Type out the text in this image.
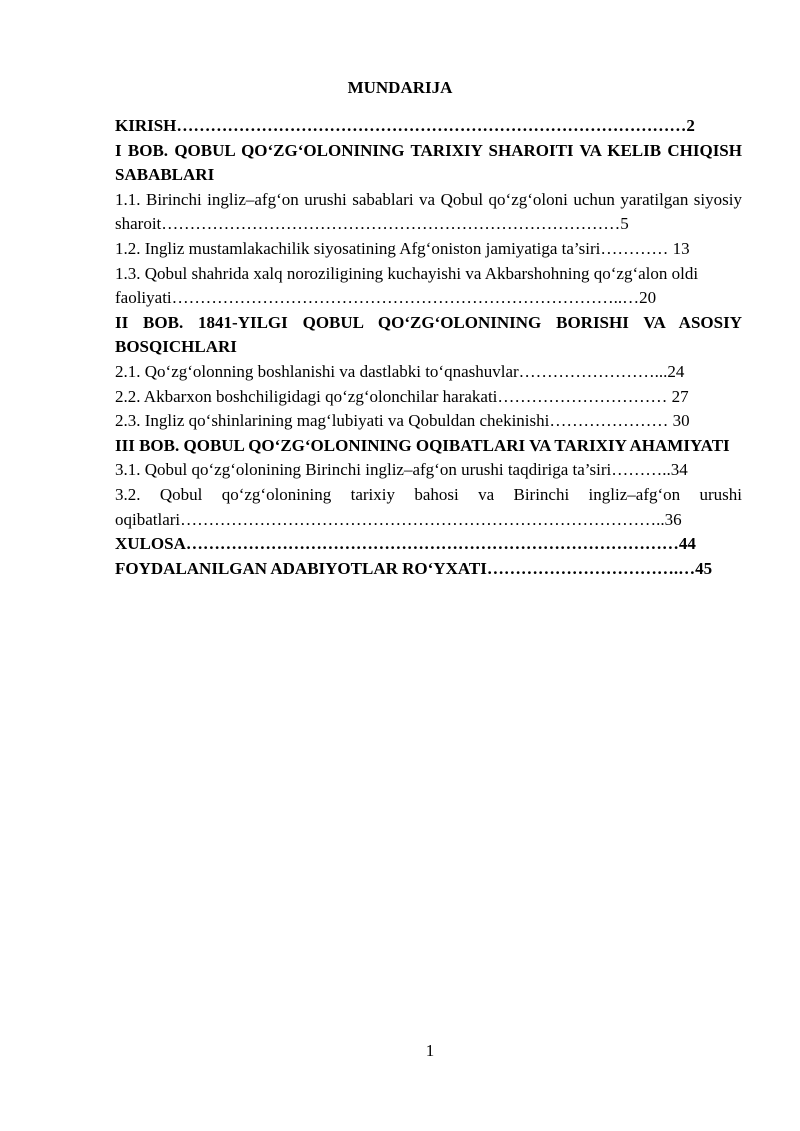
MUNDARIJA

KIRISH………………………………………………………………………………2

I BOB. QOBUL QO‘ZG‘OLONINING TARIXIY SHAROITI VA KELIB CHIQISH SABABLARI

1.1. Birinchi ingliz–afg‘on urushi sabablari va Qobul qo‘zg‘oloni uchun yaratilgan siyosiy sharoit………………………………………………………………………5

1.2. Ingliz mustamlakachilik siyosatining Afg‘oniston jamiyatiga ta’siri………… 13

1.3. Qobul shahrida xalq noroziligining kuchayishi va Akbarshohning qo‘zg‘alon oldi faoliyati……………………………………………………………………..…20

II BOB. 1841-YILGI QOBUL QO‘ZG‘OLONINING BORISHI VA ASOSIY BOSQICHLARI

2.1. Qo‘zg‘olonning boshlanishi va dastlabki to‘qnashuvlar……………………...24

2.2. Akbarxon boshchiligidagi qo‘zg‘olonchilar harakati………………………… 27

2.3. Ingliz qo‘shinlarining mag‘lubiyati va Qobuldan chekinishi………………… 30

III BOB. QOBUL QO‘ZG‘OLONINING OQIBATLARI VA TARIXIY AHAMIYATI

3.1. Qobul qo‘zg‘olonining Birinchi ingliz–afg‘on urushi taqdiriga ta’siri………..34

3.2. Qobul qo‘zg‘olonining tarixiy bahosi va Birinchi ingliz–afg‘on urushi oqibatlari…………………………………………………………………………..36

XULOSA……………………………………………………………………………44

FOYDALANILGAN ADABIYOTLAR RO‘YXATI…………………………….…45

1
